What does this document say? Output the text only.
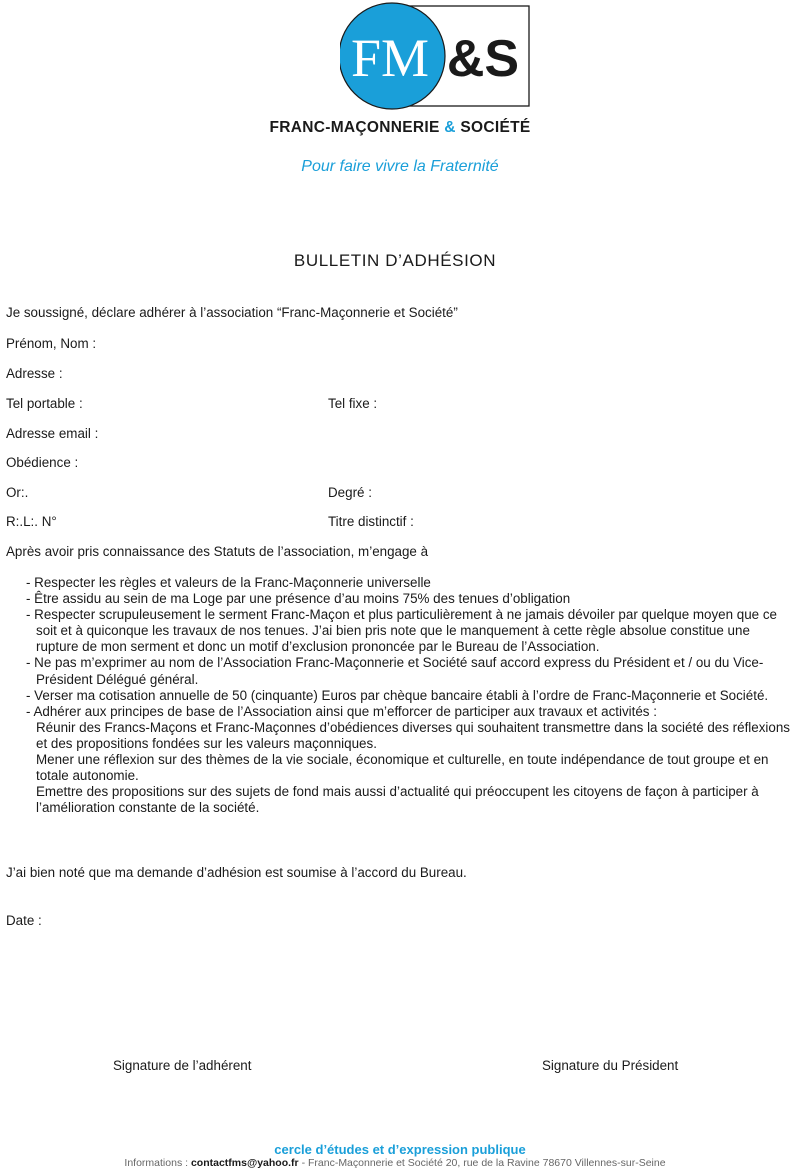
FM &S
FRANC-MAÇONNERIE & SOCIÉTÉ
Pour faire vivre la Fraternité
BULLETIN D’ADHÉSION
Je soussigné, déclare adhérer à l’association “Franc-Maçonnerie et Société”
Prénom, Nom :
Adresse :
Tel portable :	Tel fixe :
Adresse email :
Obédience :
Or:.	Degré :
R:.L:. N°	Titre distinctif :
Après avoir pris connaissance des Statuts de l’association, m’engage à
- Respecter les règles et valeurs de la Franc-Maçonnerie universelle
- Être assidu au sein de ma Loge par une présence d’au moins 75% des tenues d’obligation
- Respecter scrupuleusement le serment Franc-Maçon et plus particulièrement à ne jamais dévoiler par quelque moyen que ce soit et à quiconque les travaux de nos tenues. J’ai bien pris note que le manquement à cette règle absolue constitue une rupture de mon serment et donc un motif d’exclusion prononcée par le Bureau de l’Association.
- Ne pas m’exprimer au nom de l’Association Franc-Maçonnerie et Société sauf accord express du Président et / ou du Vice-Président Délégué général.
- Verser ma cotisation annuelle de 50 (cinquante) Euros par chèque bancaire établi à l’ordre de Franc-Maçonnerie et Société.
- Adhérer aux principes de base de l’Association ainsi que m’efforcer de participer aux travaux et activités :
Réunir des Francs-Maçons et Franc-Maçonnes d’obédiences diverses qui souhaitent transmettre dans la société des réflexions et des propositions fondées sur les valeurs maçonniques.
Mener une réflexion sur des thèmes de la vie sociale, économique et culturelle, en toute indépendance de tout groupe et en totale autonomie.
Emettre des propositions sur des sujets de fond mais aussi d’actualité qui préoccupent les citoyens de façon à participer à l’amélioration constante de la société.
J’ai bien noté que ma demande d’adhésion est soumise à l’accord du Bureau.
Date :
Signature de l’adhérent	Signature du Président
cercle d’études et d’expression publique
Informations : contactfms@yahoo.fr - Franc-Maçonnerie et Société 20, rue de la Ravine 78670 Villennes-sur-Seine
